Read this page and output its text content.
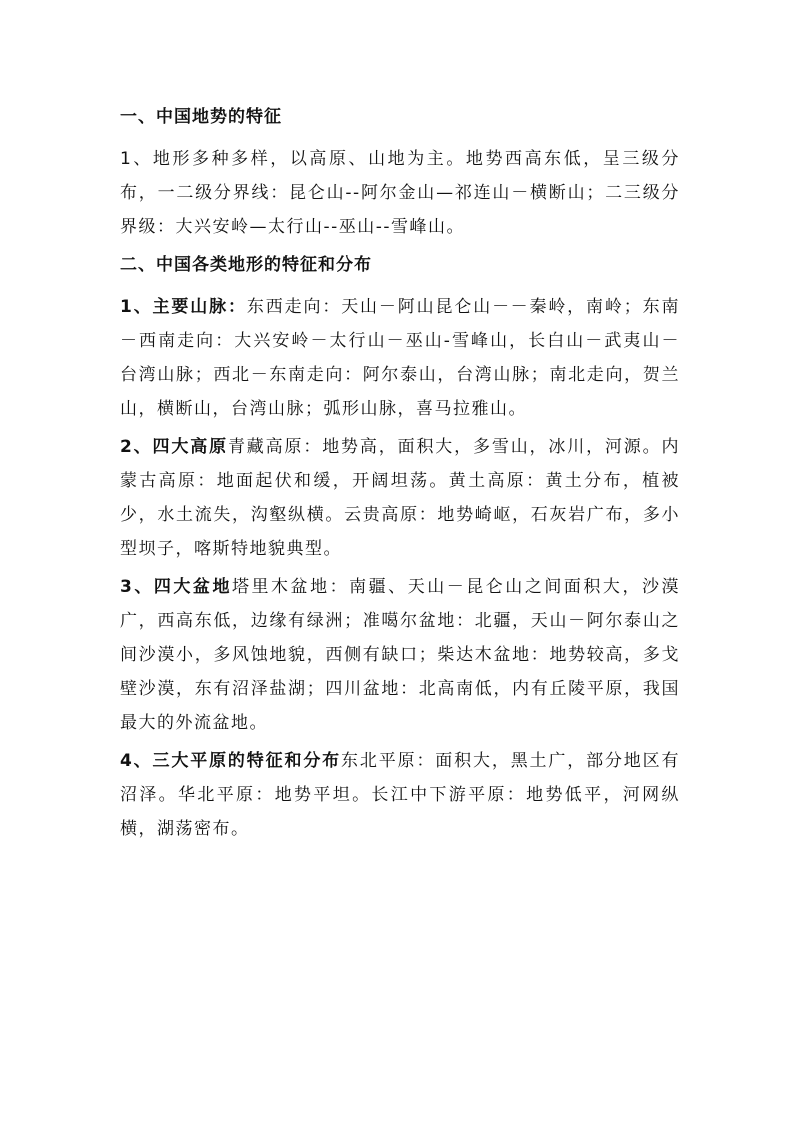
一、中国地势的特征

1、地形多种多样，以高原、山地为主。地势西高东低，呈三级分布，一二级分界线：昆仑山--阿尔金山—祁连山－横断山；二三级分界级：大兴安岭—太行山--巫山--雪峰山。

二、中国各类地形的特征和分布

1、主要山脉：东西走向：天山－阿山昆仑山－－秦岭，南岭；东南－西南走向：大兴安岭－太行山－巫山-雪峰山，长白山－武夷山－台湾山脉；西北－东南走向：阿尔泰山，台湾山脉；南北走向，贺兰山，横断山，台湾山脉；弧形山脉，喜马拉雅山。

2、四大高原青藏高原：地势高，面积大，多雪山，冰川，河源。内蒙古高原：地面起伏和缓，开阔坦荡。黄土高原：黄土分布，植被少，水土流失，沟壑纵横。云贵高原：地势崎岖，石灰岩广布，多小型坝子，喀斯特地貌典型。

3、四大盆地塔里木盆地：南疆、天山－昆仑山之间面积大，沙漠广，西高东低，边缘有绿洲；准噶尔盆地：北疆，天山－阿尔泰山之间沙漠小，多风蚀地貌，西侧有缺口；柴达木盆地：地势较高，多戈壁沙漠，东有沼泽盐湖；四川盆地：北高南低，内有丘陵平原，我国最大的外流盆地。

4、三大平原的特征和分布东北平原：面积大，黑土广，部分地区有沼泽。华北平原：地势平坦。长江中下游平原：地势低平，河网纵横，湖荡密布。
